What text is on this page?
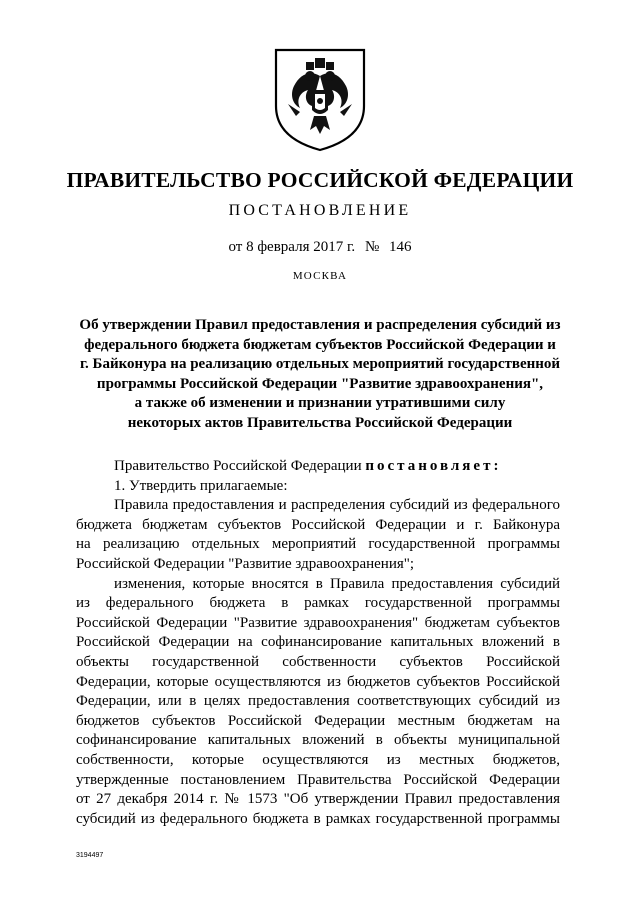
ПРАВИТЕЛЬСТВО РОССИЙСКОЙ ФЕДЕРАЦИИ
ПОСТАНОВЛЕНИЕ
от 8 февраля 2017 г. № 146
МОСКВА
Об утверждении Правил предоставления и распределения субсидий из
федерального бюджета бюджетам субъектов Российской Федерации и
г. Байконура на реализацию отдельных мероприятий государственной
программы Российской Федерации "Развитие здравоохранения",
а также об изменении и признании утратившими силу
некоторых актов Правительства Российской Федерации
Правительство Российской Федерации постановляет:
1. Утвердить прилагаемые:
Правила предоставления и распределения субсидий из федерального
бюджета бюджетам субъектов Российской Федерации и г. Байконура
на реализацию отдельных мероприятий государственной программы
Российской Федерации "Развитие здравоохранения";
изменения, которые вносятся в Правила предоставления субсидий
из федерального бюджета в рамках государственной программы
Российской Федерации "Развитие здравоохранения" бюджетам субъектов
Российской Федерации на софинансирование капитальных вложений в
объекты государственной собственности субъектов Российской
Федерации, которые осуществляются из бюджетов субъектов Российской
Федерации, или в целях предоставления соответствующих субсидий из
бюджетов субъектов Российской Федерации местным бюджетам на
софинансирование капитальных вложений в объекты муниципальной
собственности, которые осуществляются из местных бюджетов,
утвержденные постановлением Правительства Российской Федерации
от 27 декабря 2014 г. № 1573 "Об утверждении Правил предоставления
субсидий из федерального бюджета в рамках государственной программы
3194497
